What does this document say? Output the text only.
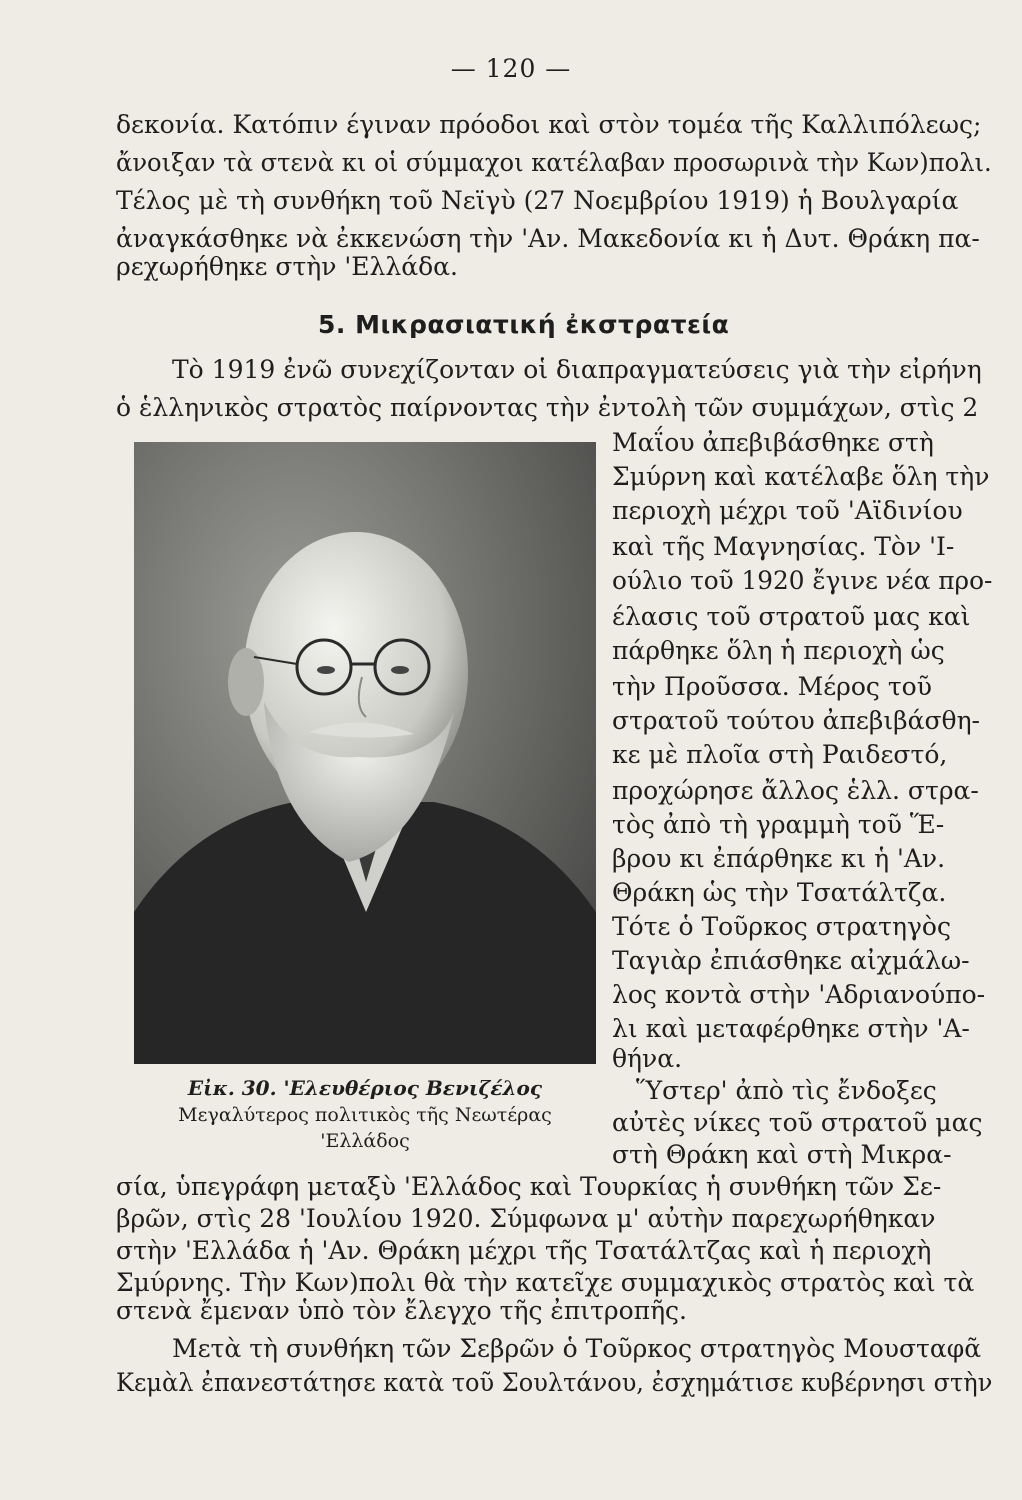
— 120 —
δεκονία. Κατόπιν έγιναν πρόοδοι καὶ στὸν τομέα τῆς Καλλιπόλεως;
ἄνοιξαν τὰ στενὰ κι οἱ σύμμαχοι κατέλαβαν προσωρινὰ τὴν Κων)πολι.
Τέλος μὲ τὴ συνθήκη τοῦ Νεϊγὺ (27 Νοεμβρίου 1919) ἡ Βουλγαρία
ἀναγκάσθηκε νὰ ἐκκενώση τὴν 'Αν. Μακεδονία κι ἡ Δυτ. Θράκη πα-
ρεχωρήθηκε στὴν 'Ελλάδα.
5. Μικρασιατική ἐκστρατεία
Τὸ 1919 ἐνῶ συνεχίζονταν οἱ διαπραγματεύσεις γιὰ τὴν εἰρήνη
ὁ ἑλληνικὸς στρατὸς παίρνοντας τὴν ἐντολὴ τῶν συμμάχων, στὶς 2
Μαΐου ἀπεβιβάσθηκε στὴ
Σμύρνη καὶ κατέλαβε ὅλη τὴν
περιοχὴ μέχρι τοῦ 'Αϊδινίου
καὶ τῆς Μαγνησίας. Τὸν 'Ι-
ούλιο τοῦ 1920 ἔγινε νέα προ-
έλασις τοῦ στρατοῦ μας καὶ
πάρθηκε ὅλη ἡ περιοχὴ ὡς
τὴν Προῦσσα. Μέρος τοῦ
στρατοῦ τούτου ἀπεβιβάσθη-
κε μὲ πλοῖα στὴ Ραιδεστό,
προχώρησε ἄλλος ἑλλ. στρα-
τὸς ἀπὸ τὴ γραμμὴ τοῦ Ἕ-
βρου κι ἐπάρθηκε κι ἡ 'Αν.
Θράκη ὡς τὴν Τσατάλτζα.
Τότε ὁ Τοῦρκος στρατηγὸς
Ταγιὰρ ἐπιάσθηκε αἰχμάλω-
λος κοντὰ στὴν 'Αδριανούπο-
λι καὶ μεταφέρθηκε στὴν 'Α-
θήνα.
Ὕστερ' ἀπὸ τὶς ἔνδοξες
αὐτὲς νίκες τοῦ στρατοῦ μας
στὴ Θράκη καὶ στὴ Μικρα-
Εἰκ. 30. 'Ελευθέριος Βενιζέλος
Μεγαλύτερος πολιτικὸς τῆς Νεωτέρας
'Ελλάδος
σία, ὑπεγράφη μεταξὺ 'Ελλάδος καὶ Τουρκίας ἡ συνθήκη τῶν Σε-
βρῶν, στὶς 28 'Ιουλίου 1920. Σύμφωνα μ' αὐτὴν παρεχωρήθηκαν
στὴν 'Ελλάδα ἡ 'Αν. Θράκη μέχρι τῆς Τσατάλτζας καὶ ἡ περιοχὴ
Σμύρνης. Τὴν Κων)πολι θὰ τὴν κατεῖχε συμμαχικὸς στρατὸς καὶ τὰ
στενὰ ἔμεναν ὑπὸ τὸν ἔλεγχο τῆς ἐπιτροπῆς.
Μετὰ τὴ συνθήκη τῶν Σεβρῶν ὁ Τοῦρκος στρατηγὸς Μουσταφᾶ
Κεμὰλ ἐπανεστάτησε κατὰ τοῦ Σουλτάνου, ἐσχημάτισε κυβέρνησι στὴν
